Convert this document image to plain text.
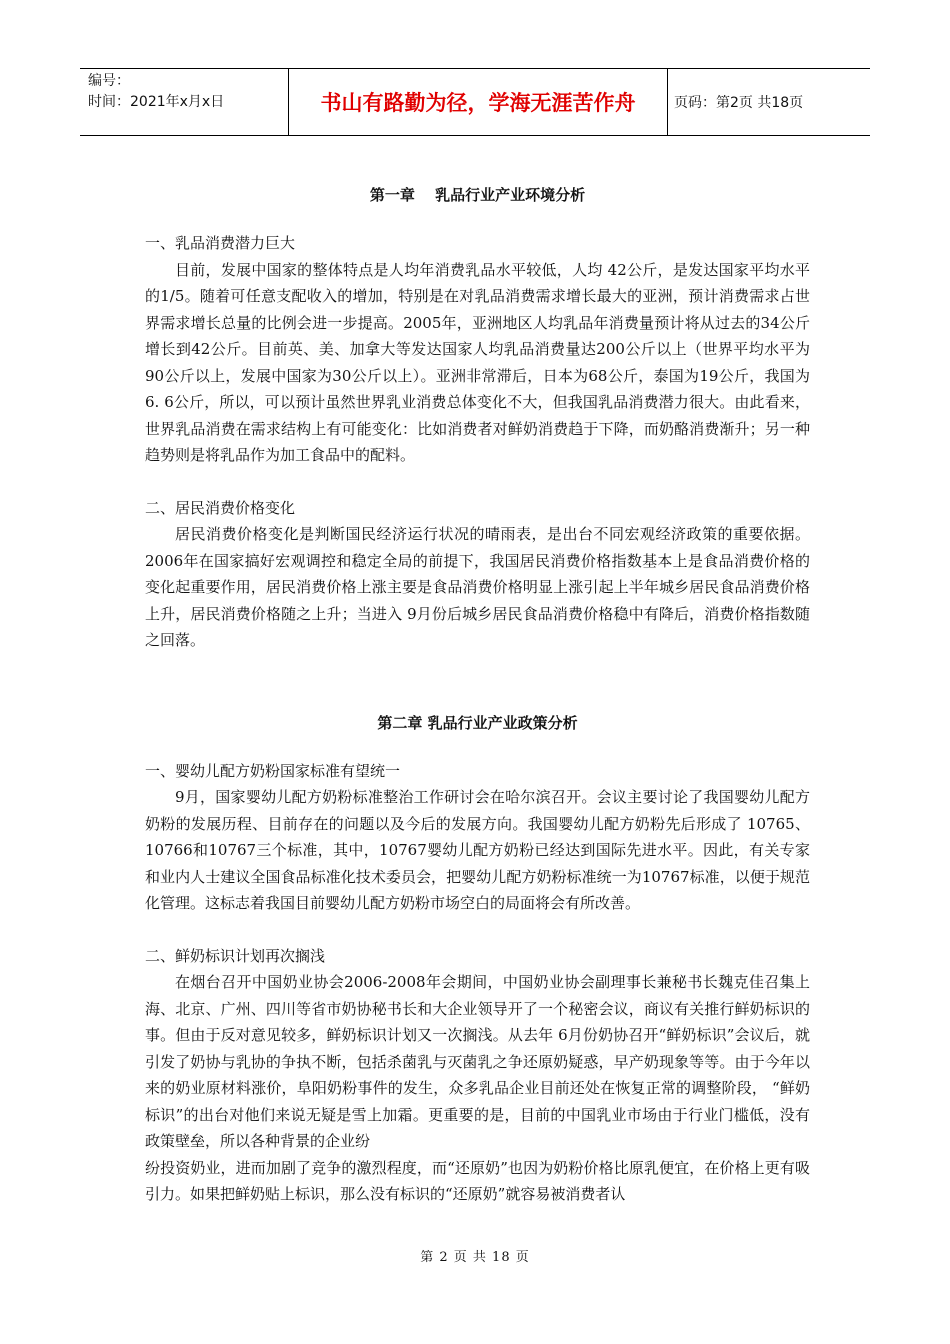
编号：
时间：2021年x月x日	书山有路勤为径，学海无涯苦作舟	页码：第2页 共18页
第一章　 乳品行业产业环境分析
一、乳品消费潜力巨大

目前，发展中国家的整体特点是人均年消费乳品水平较低，人均 42公斤，是发达国家平均水平的1/5。随着可任意支配收入的增加，特别是在对乳品消费需求增长最大的亚洲，预计消费需求占世界需求增长总量的比例会进一步提高。2005年，亚洲地区人均乳品年消费量预计将从过去的34公斤增长到42公斤。目前英、美、加拿大等发达国家人均乳品消费量达200公斤以上（世界平均水平为90公斤以上，发展中国家为30公斤以上）。亚洲非常滞后，日本为68公斤，泰国为19公斤，我国为6. 6公斤，所以，可以预计虽然世界乳业消费总体变化不大，但我国乳品消费潜力很大。由此看来，世界乳品消费在需求结构上有可能变化：比如消费者对鲜奶消费趋于下降，而奶酪消费渐升；另一种趋势则是将乳品作为加工食品中的配料。

二、居民消费价格变化

居民消费价格变化是判断国民经济运行状况的晴雨表，是出台不同宏观经济政策的重要依据。2006年在国家搞好宏观调控和稳定全局的前提下，我国居民消费价格指数基本上是食品消费价格的变化起重要作用，居民消费价格上涨主要是食品消费价格明显上涨引起上半年城乡居民食品消费价格上升，居民消费价格随之上升；当进入 9月份后城乡居民食品消费价格稳中有降后，消费价格指数随之回落。

第二章 乳品行业产业政策分析
一、婴幼儿配方奶粉国家标准有望统一

9月，国家婴幼儿配方奶粉标准整治工作研讨会在哈尔滨召开。会议主要讨论了我国婴幼儿配方奶粉的发展历程、目前存在的问题以及今后的发展方向。我国婴幼儿配方奶粉先后形成了 10765、10766和10767三个标准，其中，10767婴幼儿配方奶粉已经达到国际先进水平。因此，有关专家和业内人士建议全国食品标准化技术委员会，把婴幼儿配方奶粉标准统一为10767标准，以便于规范化管理。这标志着我国目前婴幼儿配方奶粉市场空白的局面将会有所改善。

二、鲜奶标识计划再次搁浅

在烟台召开中国奶业协会2006-2008年会期间，中国奶业协会副理事长兼秘书长魏克佳召集上海、北京、广州、四川等省市奶协秘书长和大企业领导开了一个秘密会议，商议有关推行鲜奶标识的事。但由于反对意见较多，鲜奶标识计划又一次搁浅。从去年 6月份奶协召开“鲜奶标识”会议后，就引发了奶协与乳协的争执不断，包括杀菌乳与灭菌乳之争还原奶疑惑，早产奶现象等等。由于今年以来的奶业原材料涨价，阜阳奶粉事件的发生，众多乳品企业目前还处在恢复正常的调整阶段， “鲜奶标识”的出台对他们来说无疑是雪上加霜。更重要的是，目前的中国乳业市场由于行业门槛低，没有政策壁垒，所以各种背景的企业纷

纷投资奶业，进而加剧了竞争的激烈程度，而“还原奶”也因为奶粉价格比原乳便宜，在价格上更有吸引力。如果把鲜奶贴上标识，那么没有标识的“还原奶”就容易被消费者认

第 2 页 共 18 页
